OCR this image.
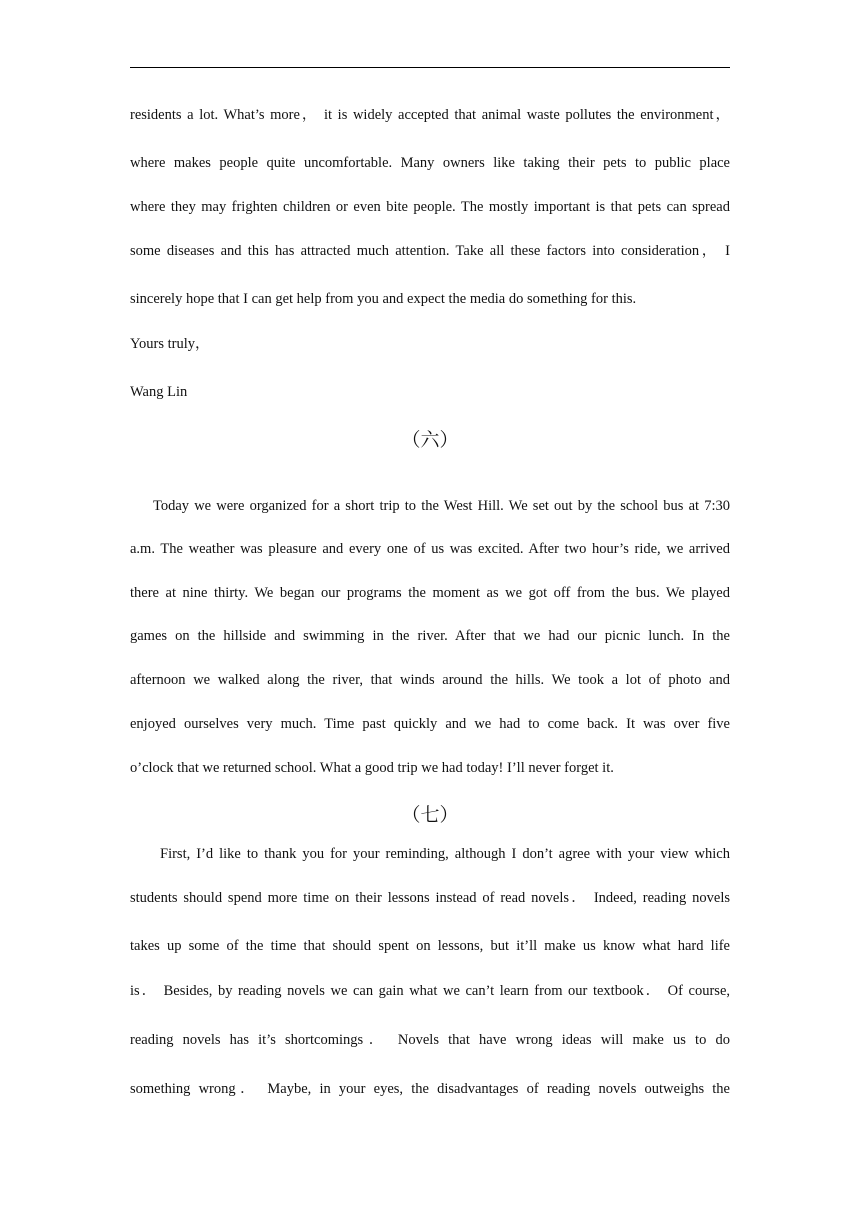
residents a lot. What’s more， it is widely accepted that animal waste pollutes the environment，
where makes people quite uncomfortable. Many owners like taking their pets to public place
where they may frighten children or even bite people. The mostly important is that pets can spread
some diseases and this has attracted much attention. Take all these factors into consideration， I
sincerely hope that I can get help from you and expect the media do something for this.
Yours truly，
Wang Lin
（六）
Today we were organized for a short trip to the West Hill. We set out by the school bus at 7:30
a.m. The weather was pleasure and every one of us was excited. After two hour’s ride, we arrived
there at nine thirty. We began our programs the moment as we got off from the bus. We played
games on the hillside and swimming in the river. After that we had our picnic lunch. In the
afternoon we walked along the river, that winds around the hills. We took a lot of photo and
enjoyed ourselves very much. Time past quickly and we had to come back. It was over five
o’clock that we returned school. What a good trip we had today! I’ll never forget it.
（七）
First, I’d like to thank you for your reminding, although I don’t agree with your view which
students should spend more time on their lessons instead of read novels． Indeed, reading novels
takes up some of the time that should spent on lessons, but it’ll make us know what hard life
is． Besides, by reading novels we can gain what we can’t learn from our textbook． Of course,
reading novels has it’s shortcomings． Novels that have wrong ideas will make us to do
something wrong． Maybe, in your eyes, the disadvantages of reading novels outweighs the
